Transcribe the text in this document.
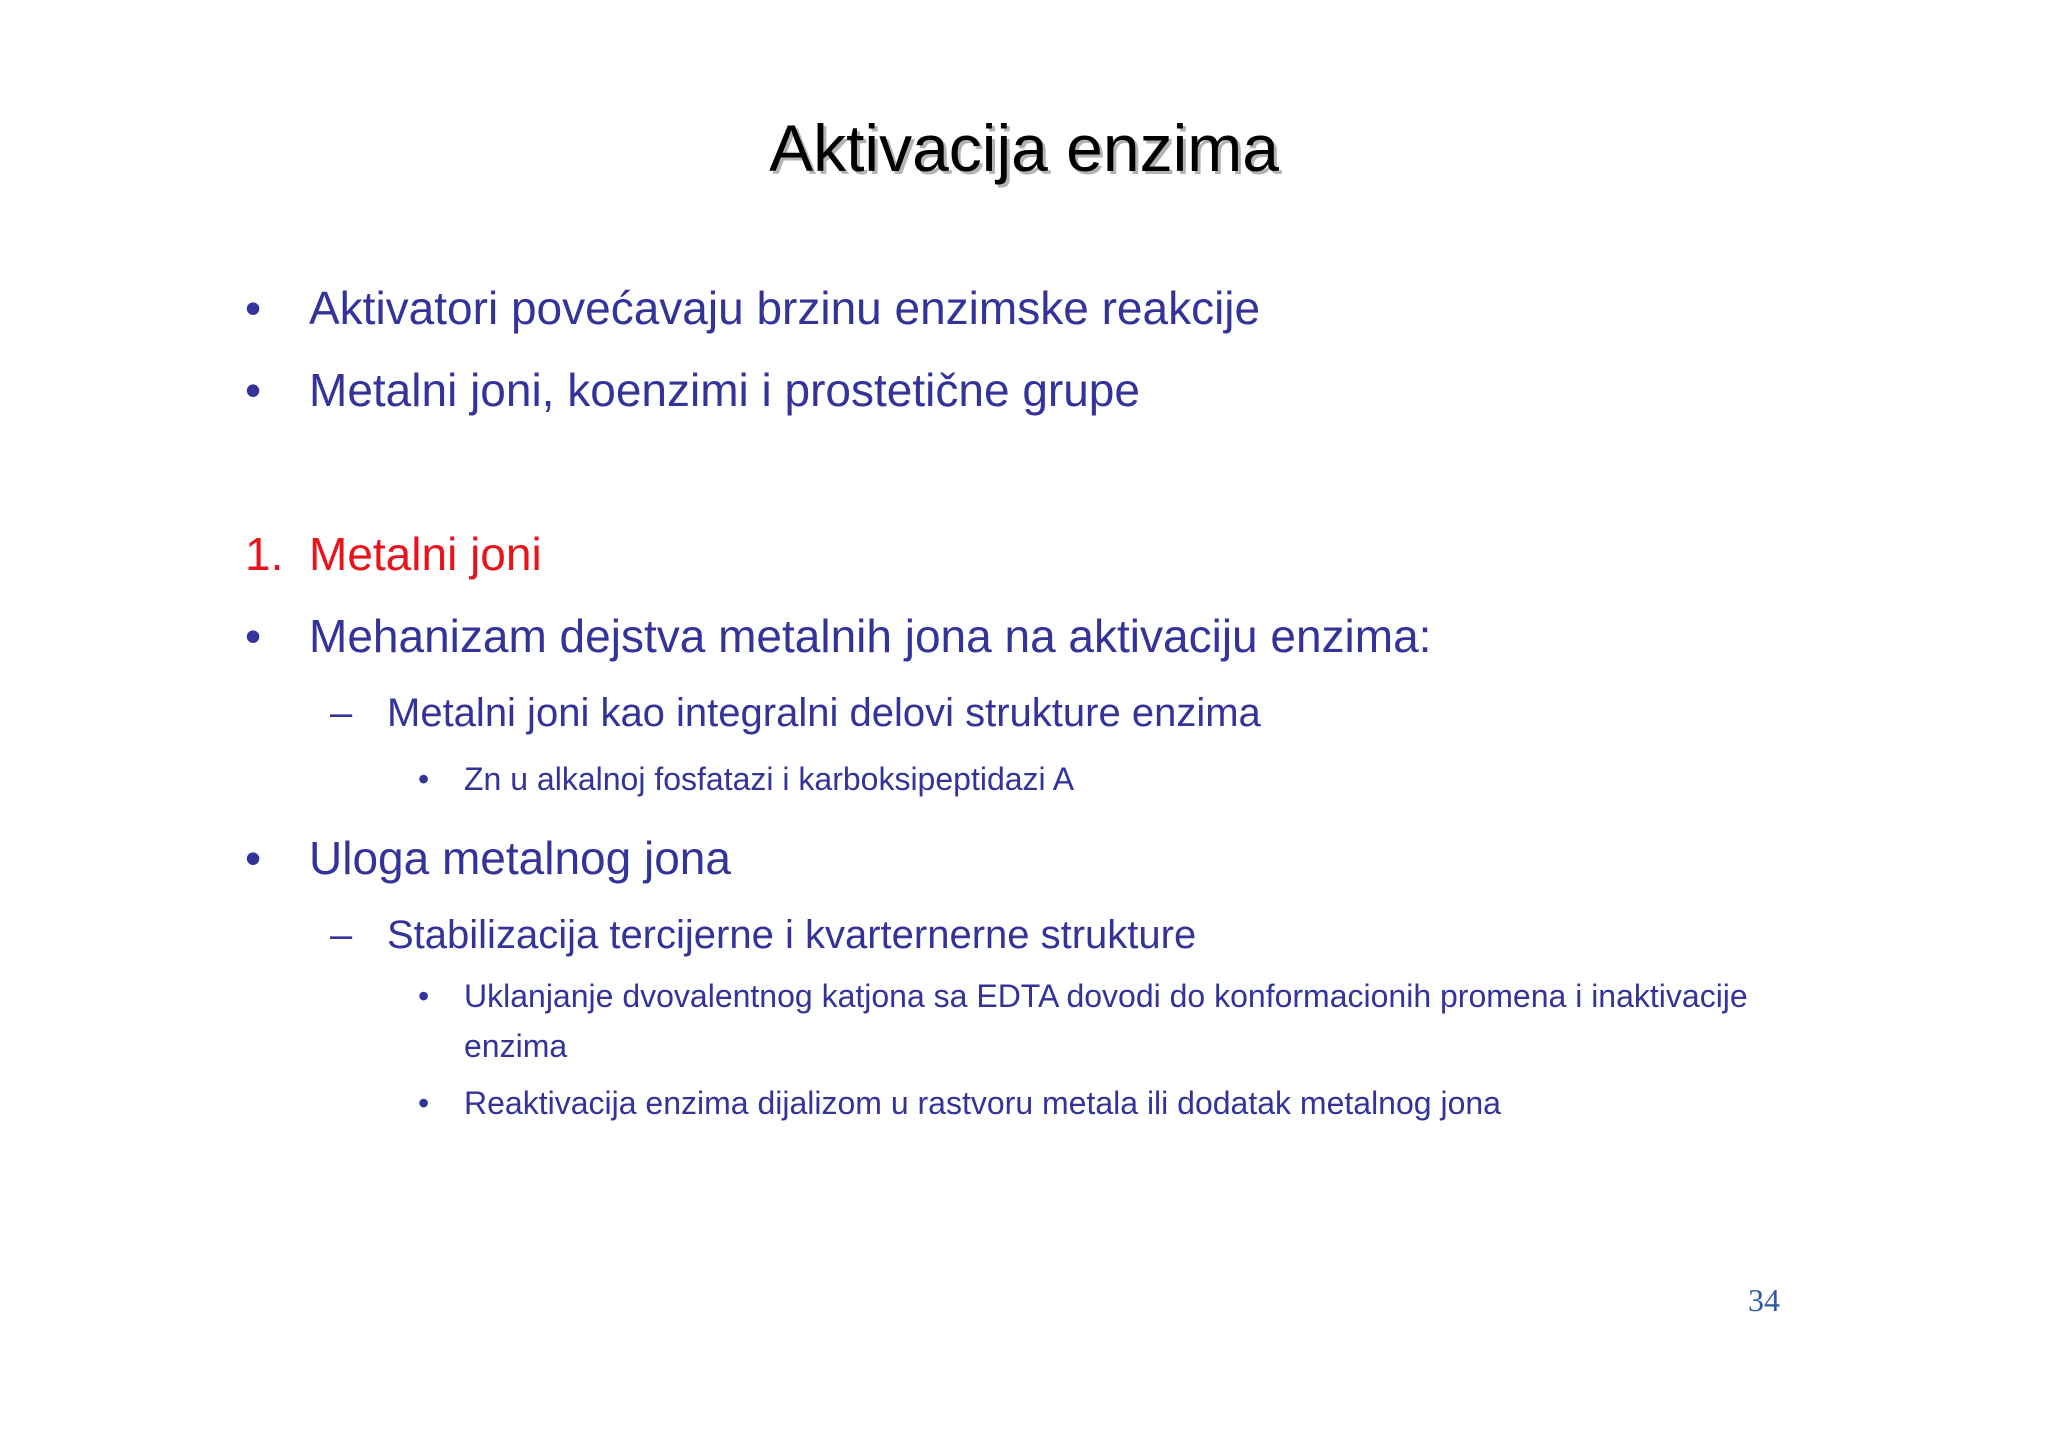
Aktivacija enzima
• Aktivatori povećavaju brzinu enzimske reakcije
• Metalni joni, koenzimi i prostetične grupe
1. Metalni joni
• Mehanizam dejstva metalnih jona na aktivaciju enzima:
– Metalni joni kao integralni delovi strukture enzima
• Zn u alkalnoj fosfatazi i karboksipeptidazi A
• Uloga metalnog jona
– Stabilizacija tercijerne i kvarternerne strukture
• Uklanjanje dvovalentnog katjona sa EDTA dovodi do konformacionih promena i inaktivacije
enzima
• Reaktivacija enzima dijalizom u rastvoru metala ili dodatak metalnog jona
34
